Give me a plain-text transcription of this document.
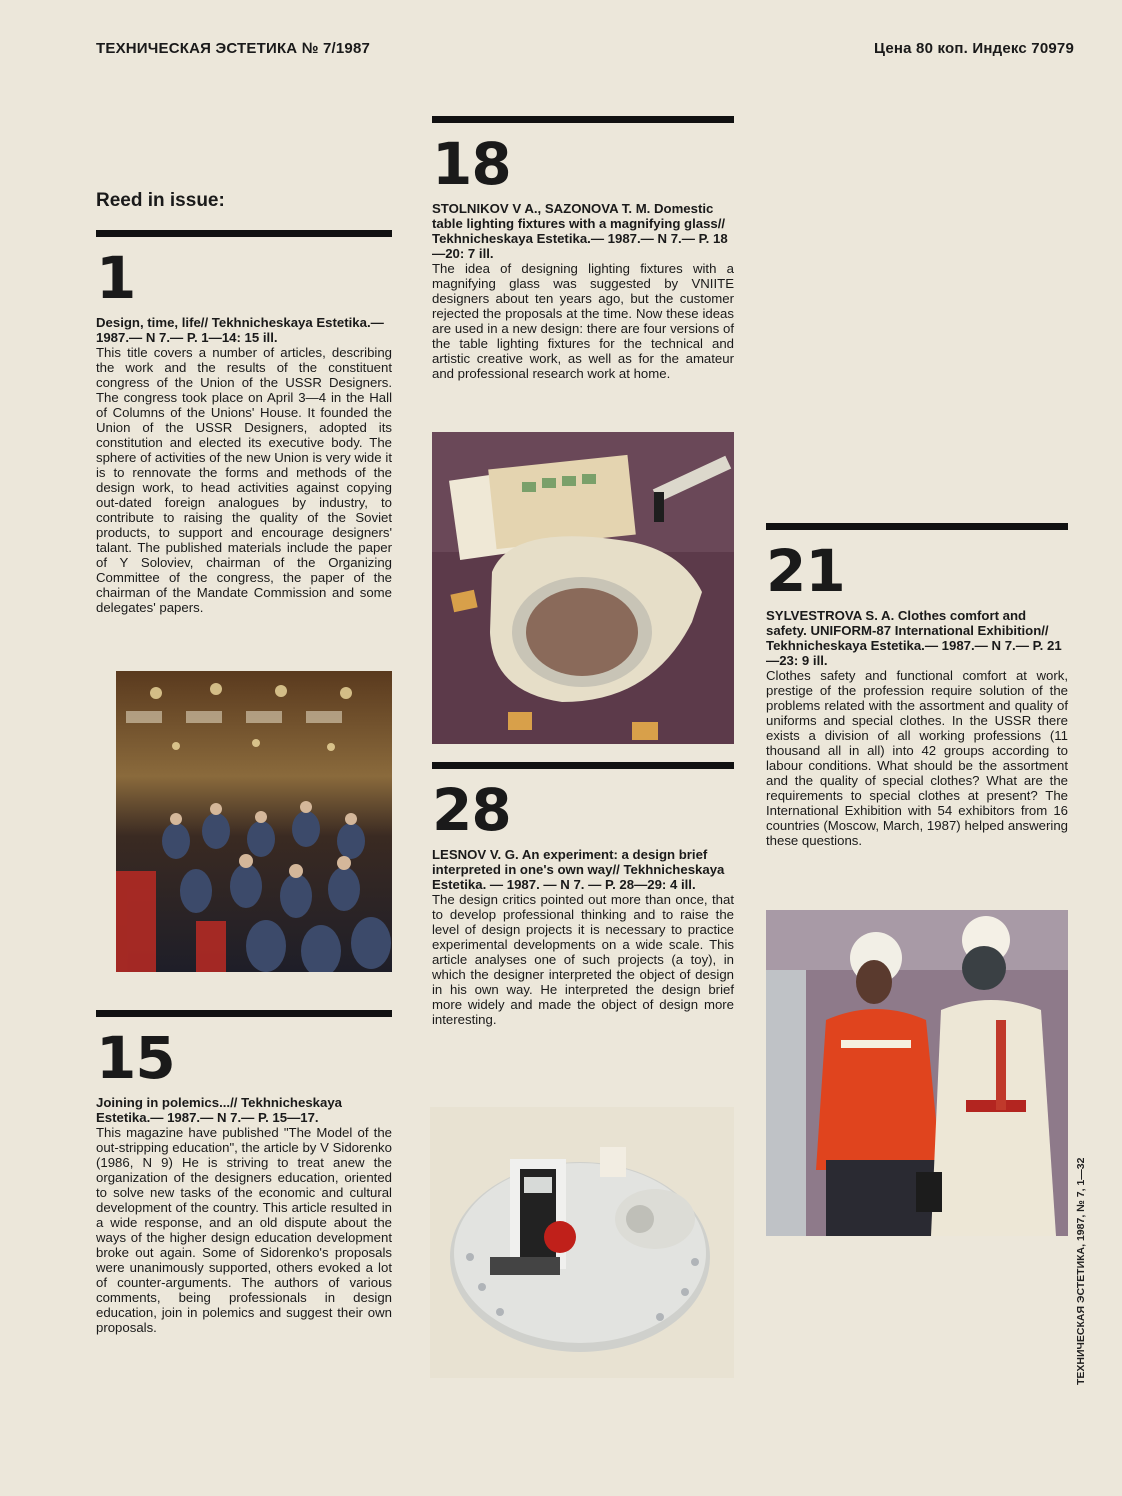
ТЕХНИЧЕСКАЯ ЭСТЕТИКА № 7/1987	Цена 80 коп. Индекс 70979
Reed in issue:
1
Design, time, life// Tekhnicheskaya Estetika.— 1987.— N 7.— P. 1—14: 15 ill.
This title covers a number of articles, describing the work and the results of the constituent congress of the Union of the USSR Designers. The congress took place on April 3—4 in the Hall of Columns of the Unions' House. It founded the Union of the USSR Designers, adopted its constitution and elected its executive body. The sphere of activities of the new Union is very wide it is to rennovate the forms and methods of the design work, to head activities against copying out-dated foreign analogues by industry, to contribute to raising the quality of the Soviet products, to support and encourage designers' talant. The published materials include the paper of Y Soloviev, chairman of the Organizing Committee of the congress, the paper of the chairman of the Mandate Commission and some delegates' papers.
15
Joining in polemics...// Tekhnicheskaya Estetika.— 1987.— N 7.— P. 15—17.
This magazine have published "The Model of the out-stripping education", the article by V Sidorenko (1986, N 9) He is striving to treat anew the organization of the designers education, oriented to solve new tasks of the economic and cultural development of the country. This article resulted in a wide response, and an old dispute about the ways of the higher design education development broke out again. Some of Sidorenko's proposals were unanimously supported, others evoked a lot of counter-arguments. The authors of various comments, being professionals in design education, join in polemics and suggest their own proposals.
18
STOLNIKOV V A., SAZONOVA T. M. Domestic table lighting fixtures with a magnifying glass// Tekhnicheskaya Estetika.— 1987.— N 7.— P. 18—20: 7 ill.
The idea of designing lighting fixtures with a magnifying glass was suggested by VNIITE designers about ten years ago, but the customer rejected the proposals at the time. Now these ideas are used in a new design: there are four versions of the table lighting fixtures for the technical and artistic creative work, as well as for the amateur and professional research work at home.
28
LESNOV V. G. An experiment: a design brief interpreted in one's own way// Tekhnicheskaya Estetika. — 1987. — N 7. — P. 28—29: 4 ill.
The design critics pointed out more than once, that to develop professional thinking and to raise the level of design projects it is necessary to practice experimental developments on a wide scale. This article analyses one of such projects (a toy), in which the designer interpreted the object of design in his own way. He interpreted the design brief more widely and made the object of design more interesting.
21
SYLVESTROVA S. A. Clothes comfort and safety. UNIFORM-87 International Exhibition// Tekhnicheskaya Estetika.— 1987.— N 7.— P. 21—23: 9 ill.
Clothes safety and functional comfort at work, prestige of the profession require solution of the problems related with the assortment and quality of uniforms and special clothes. In the USSR there exists a division of all working professions (11 thousand all in all) into 42 groups according to labour conditions. What should be the assortment and the quality of special clothes? What are the requirements to special clothes at present? The International Exhibition with 54 exhibitors from 16 countries (Moscow, March, 1987) helped answering these questions.
ТЕХНИЧЕСКАЯ ЭСТЕТИКА, 1987, № 7, 1—32
